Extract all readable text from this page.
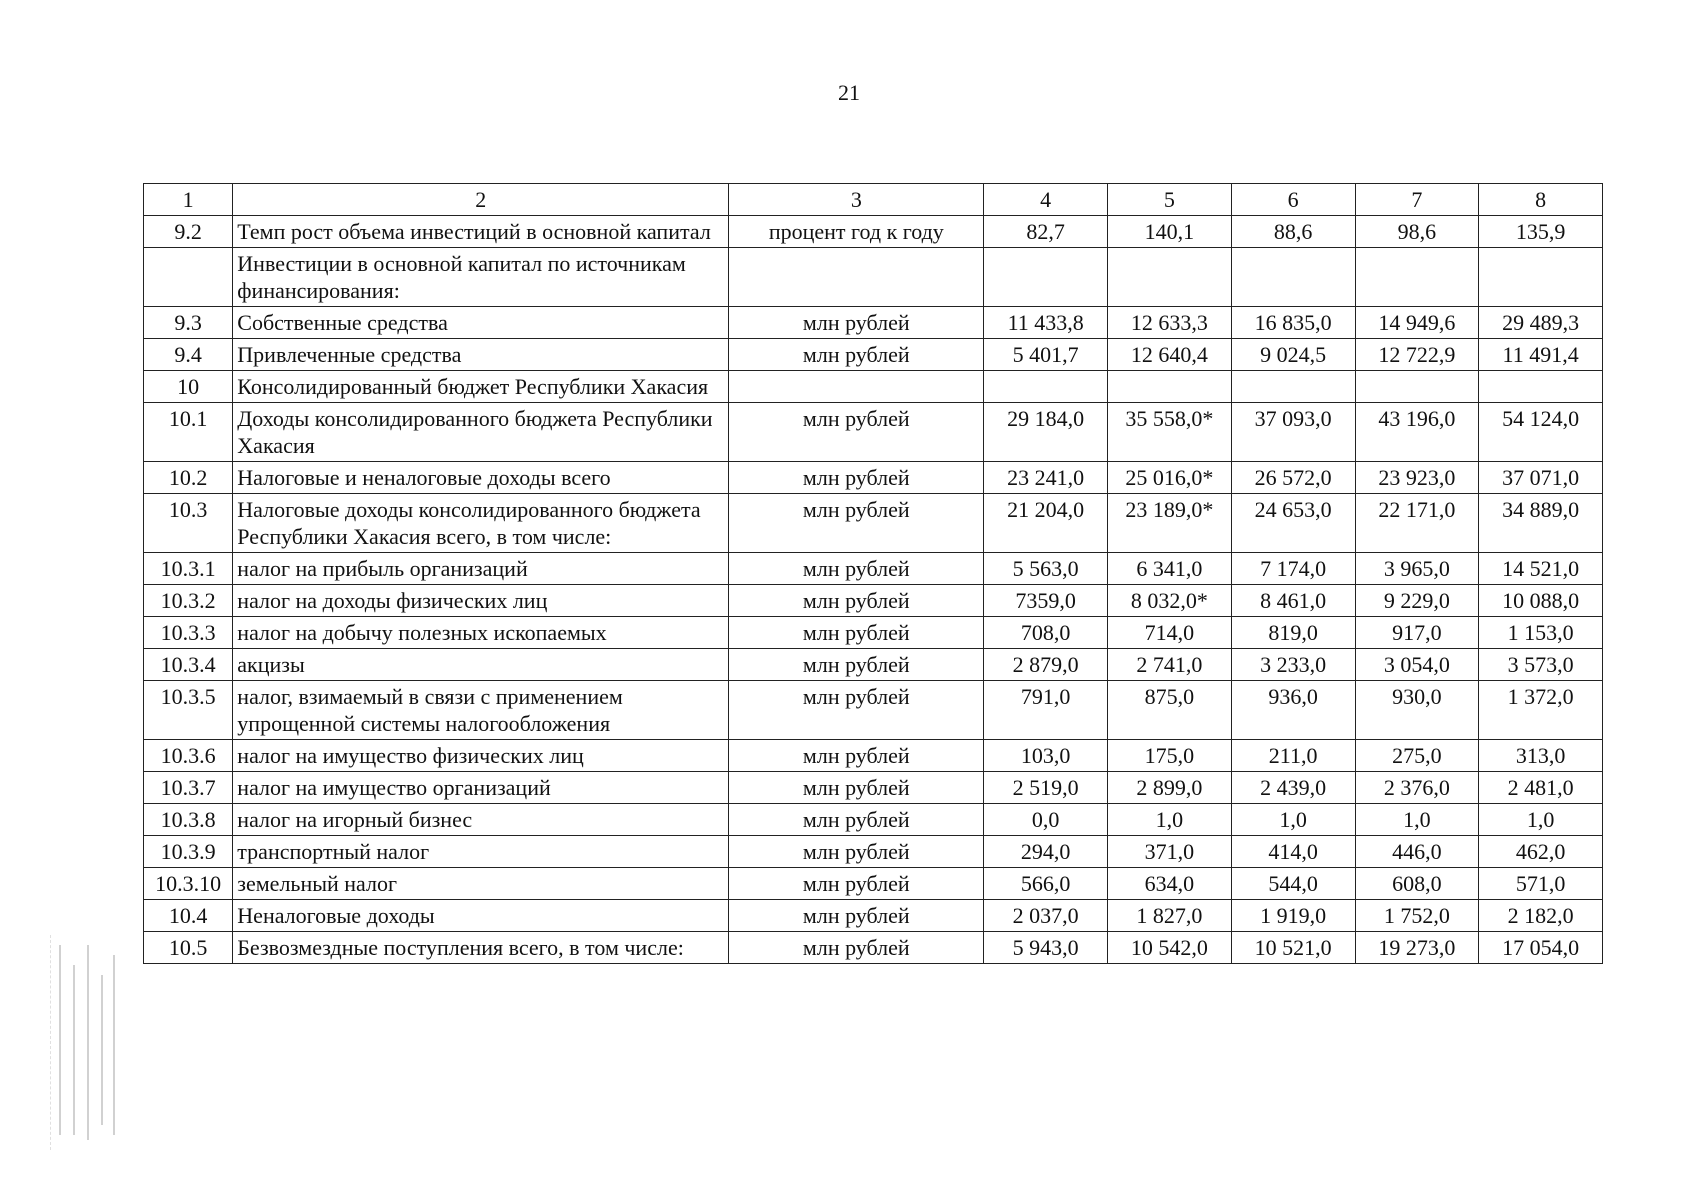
21
1	2	3	4	5	6	7	8
9.2	Темп рост объема инвестиций в основной капитал	процент год к году	82,7	140,1	88,6	98,6	135,9
	Инвестиции в основной капитал по источникам финансирования:						
9.3	Собственные средства	млн рублей	11 433,8	12 633,3	16 835,0	14 949,6	29 489,3
9.4	Привлеченные средства	млн рублей	5 401,7	12 640,4	9 024,5	12 722,9	11 491,4
10	Консолидированный бюджет Республики Хакасия						
10.1	Доходы консолидированного бюджета Республики Хакасия	млн рублей	29 184,0	35 558,0*	37 093,0	43 196,0	54 124,0
10.2	Налоговые и неналоговые доходы всего	млн рублей	23 241,0	25 016,0*	26 572,0	23 923,0	37 071,0
10.3	Налоговые доходы консолидированного бюджета Республики Хакасия всего, в том числе:	млн рублей	21 204,0	23 189,0*	24 653,0	22 171,0	34 889,0
10.3.1	налог на прибыль организаций	млн рублей	5 563,0	6 341,0	7 174,0	3 965,0	14 521,0
10.3.2	налог на доходы физических лиц	млн рублей	7359,0	8 032,0*	8 461,0	9 229,0	10 088,0
10.3.3	налог на добычу полезных ископаемых	млн рублей	708,0	714,0	819,0	917,0	1 153,0
10.3.4	акцизы	млн рублей	2 879,0	2 741,0	3 233,0	3 054,0	3 573,0
10.3.5	налог, взимаемый в связи с применением упрощенной системы налогообложения	млн рублей	791,0	875,0	936,0	930,0	1 372,0
10.3.6	налог на имущество физических лиц	млн рублей	103,0	175,0	211,0	275,0	313,0
10.3.7	налог на имущество организаций	млн рублей	2 519,0	2 899,0	2 439,0	2 376,0	2 481,0
10.3.8	налог на игорный бизнес	млн рублей	0,0	1,0	1,0	1,0	1,0
10.3.9	транспортный налог	млн рублей	294,0	371,0	414,0	446,0	462,0
10.3.10	земельный налог	млн рублей	566,0	634,0	544,0	608,0	571,0
10.4	Неналоговые доходы	млн рублей	2 037,0	1 827,0	1 919,0	1 752,0	2 182,0
10.5	Безвозмездные поступления всего, в том числе:	млн рублей	5 943,0	10 542,0	10 521,0	19 273,0	17 054,0
